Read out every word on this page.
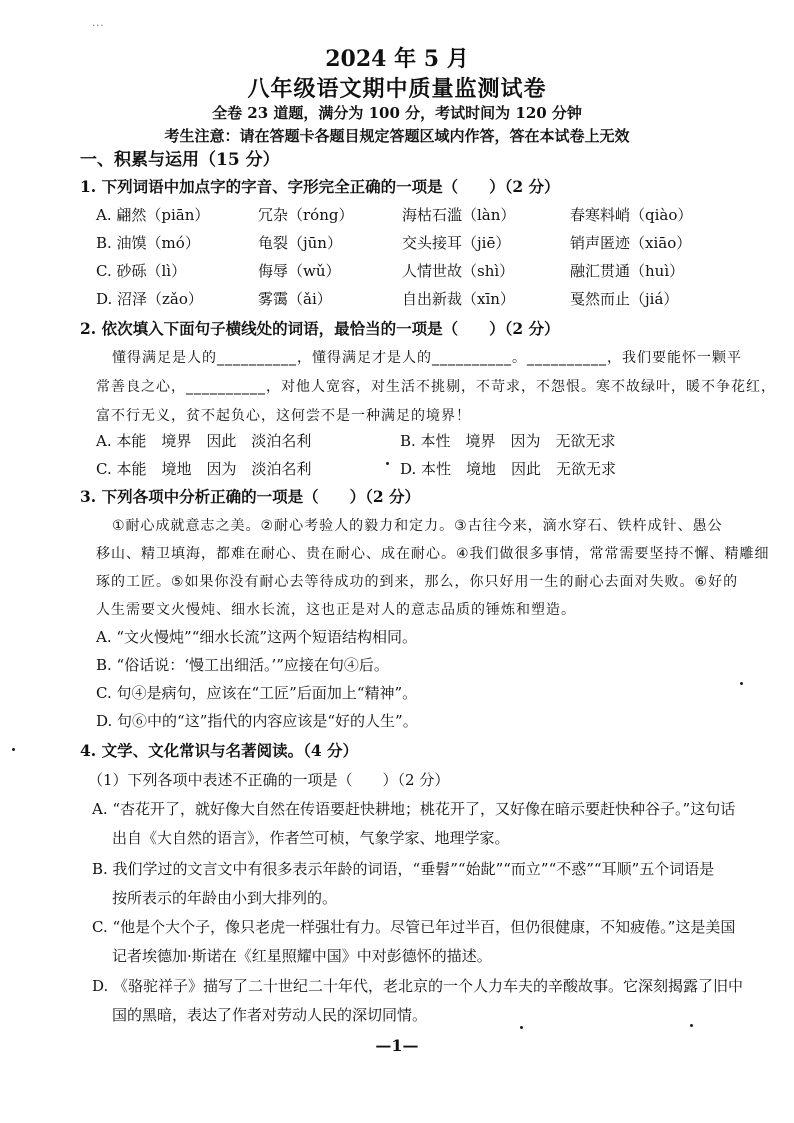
...
2024 年 5 月
八年级语文期中质量监测试卷
全卷 23 道题，满分为 100 分，考试时间为 120 分钟
考生注意：请在答题卡各题目规定答题区域内作答，答在本试卷上无效
一、积累与运用（15 分）
1. 下列词语中加点字的字音、字形完全正确的一项是（　　）（2 分）
A. 翩然（piān）	冗杂（róng）	海枯石滥（làn）	春寒料峭（qiào）
B. 油馍（mó）	龟裂（jūn）	交头接耳（jiē）	销声匿迹（xiāo）
C. 砂砾（lì）	侮辱（wǔ）	人情世故（shì）	融汇贯通（huì）
D. 沼泽（zǎo）	雾霭（ǎi）	自出新裁（xīn）	戛然而止（jiá）
2. 依次填入下面句子横线处的词语，最恰当的一项是（　　）（2 分）
懂得满足是人的__________，懂得满足才是人的__________。__________，我们要能怀一颗平
常善良之心，__________，对他人宽容，对生活不挑剔，不苛求，不怨恨。寒不故绿叶，暖不争花红，
富不行无义，贫不起负心，这何尝不是一种满足的境界！
A. 本能　境界　因此　淡泊名利	B. 本性　境界　因为　无欲无求
C. 本能　境地　因为　淡泊名利	D. 本性　境地　因此　无欲无求
3. 下列各项中分析正确的一项是（　　）（2 分）
①耐心成就意志之美。②耐心考验人的毅力和定力。③古往今来，滴水穿石、铁杵成针、愚公
移山、精卫填海，都难在耐心、贵在耐心、成在耐心。④我们做很多事情，常常需要坚持不懈、精雕细
琢的工匠。⑤如果你没有耐心去等待成功的到来，那么，你只好用一生的耐心去面对失败。⑥好的
人生需要文火慢炖、细水长流，这也正是对人的意志品质的锤炼和塑造。
A. “文火慢炖”“细水长流”这两个短语结构相同。
B. “俗话说：‘慢工出细活。’”应接在句④后。
C. 句④是病句，应该在“工匠”后面加上“精神”。
D. 句⑥中的“这”指代的内容应该是“好的人生”。
4. 文学、文化常识与名著阅读。（4 分）
（1）下列各项中表述不正确的一项是（　　）（2 分）
A. “杏花开了，就好像大自然在传语要赶快耕地；桃花开了，又好像在暗示要赶快种谷子。”这句话
出自《大自然的语言》，作者竺可桢，气象学家、地理学家。
B. 我们学过的文言文中有很多表示年龄的词语，“垂髫”“始龀”“而立”“不惑”“耳顺”五个词语是
按所表示的年龄由小到大排列的。
C. “他是个大个子，像只老虎一样强壮有力。尽管已年过半百，但仍很健康，不知疲倦。”这是美国
记者埃德加·斯诺在《红星照耀中国》中对彭德怀的描述。
D. 《骆驼祥子》描写了二十世纪二十年代，老北京的一个人力车夫的辛酸故事。它深刻揭露了旧中
国的黑暗，表达了作者对劳动人民的深切同情。
—1—
